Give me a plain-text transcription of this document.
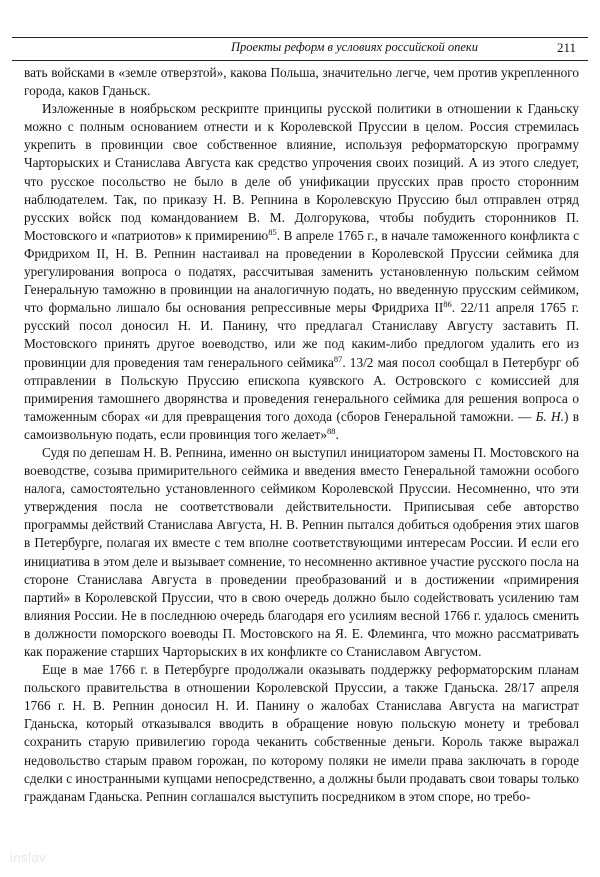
Проекты реформ в условиях российской опеки	211

вать войсками в «земле отверзтой», какова Польша, значительно легче, чем против укрепленного города, каков Гданьск.

Изложенные в ноябрьском рескрипте принципы русской политики в отношении к Гданьску можно с полным основанием отнести и к Королевской Пруссии в целом. Россия стремилась укрепить в провинции свое собственное влияние, используя реформаторскую программу Чарторыских и Станислава Августа как средство упрочения своих позиций. А из этого следует, что русское посольство не было в деле об унификации прусских прав просто сторонним наблюдателем. Так, по приказу Н. В. Репнина в Королевскую Пруссию был отправлен отряд русских войск под командованием В. М. Долгорукова, чтобы побудить сторонников П. Мостовского и «патриотов» к примирению$^{85}$. В апреле 1765 г., в начале таможенного конфликта с Фридрихом II, Н. В. Репнин настаивал на проведении в Королевской Пруссии сеймика для урегулирования вопроса о податях, рассчитывая заменить установленную польским сеймом Генеральную таможню в провинции на аналогичную подать, но введенную прусским сеймиком, что формально лишало бы основания репрессивные меры Фридриха II$^{86}$. 22/11 апреля 1765 г. русский посол доносил Н. И. Панину, что предлагал Станиславу Августу заставить П. Мостовского принять другое воеводство, или же под каким-либо предлогом удалить его из провинции для проведения там генерального сеймика$^{87}$. 13/2 мая посол сообщал в Петербург об отправлении в Польскую Пруссию епископа куявского А. Островского с комиссией для примирения тамошнего дворянства и проведения генерального сеймика для решения вопроса о таможенным сборах «и для превращения того дохода (сборов Генеральной таможни. — Б. Н.) в самоизвольную подать, если провинция того желает»$^{88}$.

Судя по депешам Н. В. Репнина, именно он выступил инициатором замены П. Мостовского на воеводстве, созыва примирительного сеймика и введения вместо Генеральной таможни особого налога, самостоятельно установленного сеймиком Королевской Пруссии. Несомненно, что эти утверждения посла не соответствовали действительности. Приписывая себе авторство программы действий Станислава Августа, Н. В. Репнин пытался добиться одобрения этих шагов в Петербурге, полагая их вместе с тем вполне соответствующими интересам России. И если его инициатива в этом деле и вызывает сомнение, то несомненно активное участие русского посла на стороне Станислава Августа в проведении преобразований и в достижении «примирения партий» в Королевской Пруссии, что в свою очередь должно было содействовать усилению там влияния России. Не в последнюю очередь благодаря его усилиям весной 1766 г. удалось сменить в должности поморского воеводы П. Мостовского на Я. Е. Флеминга, что можно рассматривать как поражение старших Чарторыских в их конфликте со Станиславом Августом.

Еще в мае 1766 г. в Петербурге продолжали оказывать поддержку реформаторским планам польского правительства в отношении Королевской Пруссии, а также Гданьска. 28/17 апреля 1766 г. Н. В. Репнин доносил Н. И. Панину о жалобах Станислава Августа на магистрат Гданьска, который отказывался вводить в обращение новую польскую монету и требовал сохранить старую привилегию города чеканить собственные деньги. Король также выражал недовольство старым правом горожан, по которому поляки не имели права заключать в городе сделки с иностранными купцами непосредственно, а должны были продавать свои товары только гражданам Гданьска. Репнин соглашался выступить посредником в этом споре, но требо-

inslav
